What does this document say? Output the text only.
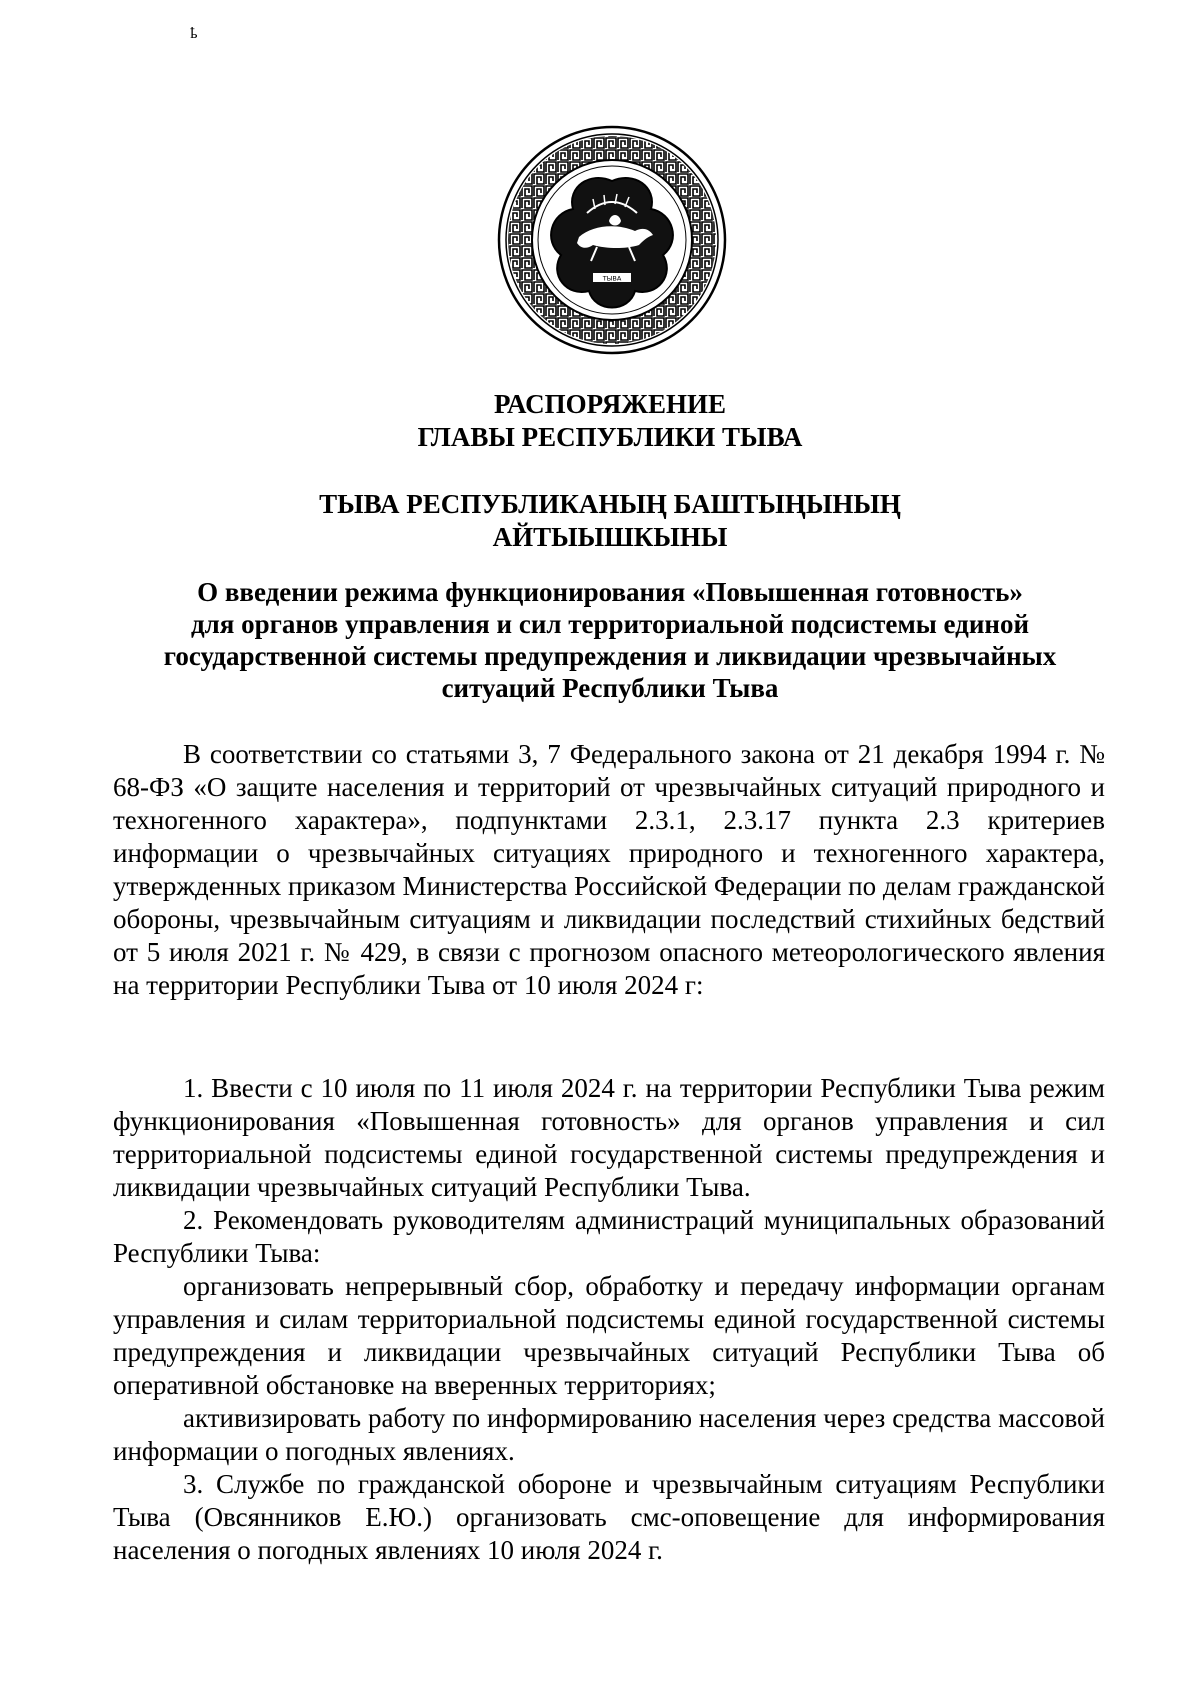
ҍ
ТЫВА
РАСПОРЯЖЕНИЕ
ГЛАВЫ РЕСПУБЛИКИ ТЫВА
ТЫВА РЕСПУБЛИКАНЫҢ БАШТЫҢЫНЫҢ
АЙТЫЫШКЫНЫ
О введении режима функционирования «Повышенная готовность»
для органов управления и сил территориальной подсистемы единой
государственной системы предупреждения и ликвидации чрезвычайных
ситуаций Республики Тыва

В соответствии со статьями 3, 7 Федерального закона от 21 декабря 1994 г. № 68-ФЗ «О защите населения и территорий от чрезвычайных ситуаций природного и техногенного характера», подпунктами 2.3.1, 2.3.17 пункта 2.3 критериев информации о чрезвычайных ситуациях природного и техногенного характера, утвержденных приказом Министерства Российской Федерации по делам гражданской обороны, чрезвычайным ситуациям и ликвидации последствий стихийных бедствий от 5 июля 2021 г. № 429, в связи с прогнозом опасного метеорологического явления на территории Республики Тыва от 10 июля 2024 г:

1. Ввести с 10 июля по 11 июля 2024 г. на территории Республики Тыва режим функционирования «Повышенная готовность» для органов управления и сил территориальной подсистемы единой государственной системы предупреждения и ликвидации чрезвычайных ситуаций Республики Тыва.

2. Рекомендовать руководителям администраций муниципальных образований Республики Тыва:

организовать непрерывный сбор, обработку и передачу информации органам управления и силам территориальной подсистемы единой государственной системы предупреждения и ликвидации чрезвычайных ситуаций Республики Тыва об оперативной обстановке на вверенных территориях;

активизировать работу по информированию населения через средства массовой информации о погодных явлениях.

3. Службе по гражданской обороне и чрезвычайным ситуациям Республики Тыва (Овсянников Е.Ю.) организовать смс-оповещение для информирования населения о погодных явлениях 10 июля 2024 г.
